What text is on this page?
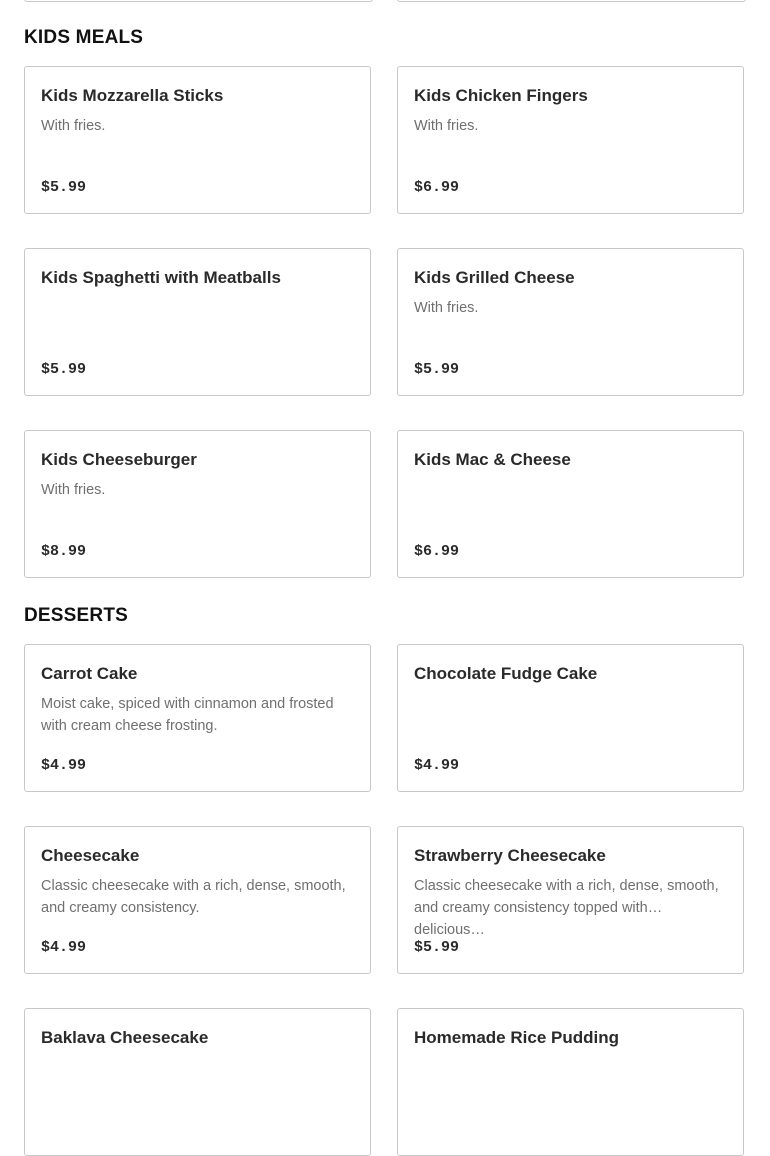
KIDS MEALS
Kids Mozzarella Sticks
With fries.
$5.99
Kids Chicken Fingers
With fries.
$6.99
Kids Spaghetti with Meatballs
$5.99
Kids Grilled Cheese
With fries.
$5.99
Kids Cheeseburger
With fries.
$8.99
Kids Mac & Cheese
$6.99
DESSERTS
Carrot Cake
Moist cake, spiced with cinnamon and frosted with cream cheese frosting.
$4.99
Chocolate Fudge Cake
$4.99
Cheesecake
Classic cheesecake with a rich, dense, smooth, and creamy consistency.
$4.99
Strawberry Cheesecake
Classic cheesecake with a rich, dense, smooth, and creamy consistency topped with delicious…
$5.99
Baklava Cheesecake	Homemade Rice Pudding
